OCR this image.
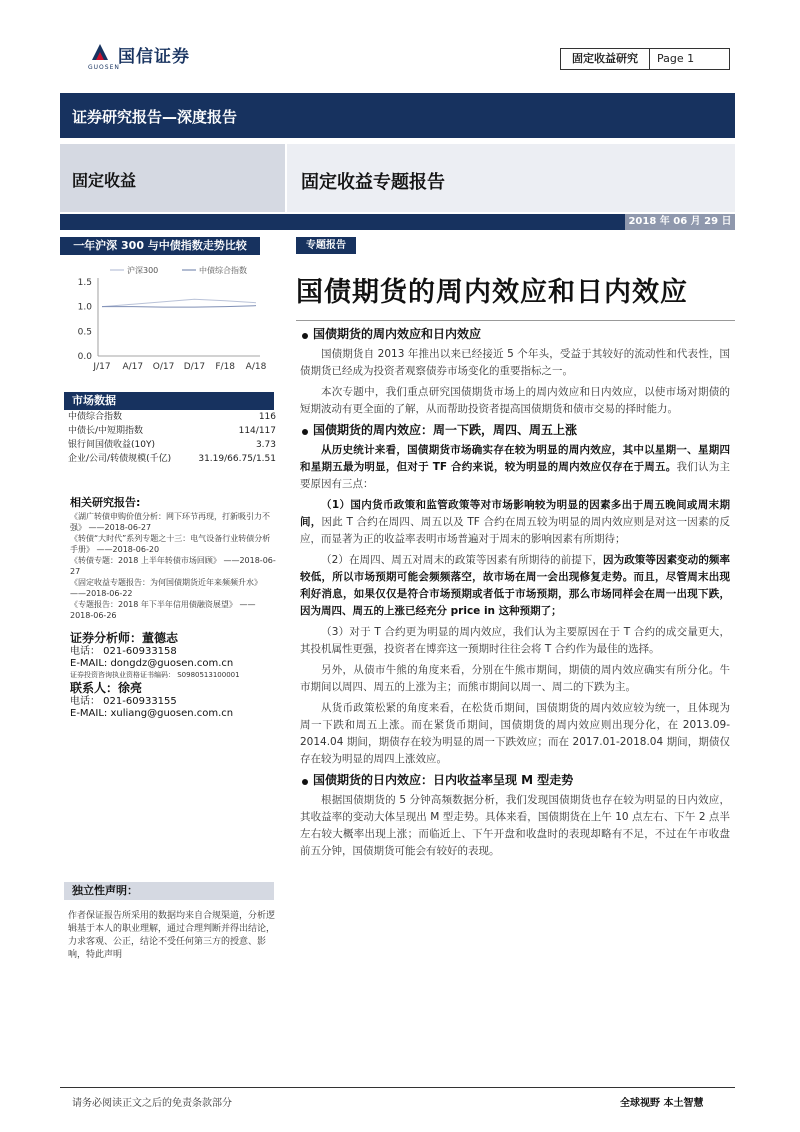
国信证券
GUOSEN
固定收益研究	Page 1
证券研究报告—深度报告
固定收益	固定收益专题报告
2018 年 06 月 29 日
一年沪深 300 与中债指数走势比较
1.5
1.0
0.5
0.0
J/17 A/17 O/17 D/17 F/18 A/18
沪深300	中债综合指数
市场数据
中债综合指数	116
中债长/中短期指数	114/117
银行间国债收益(10Y)	3.73
企业/公司/转债规模(千亿)	31.19/66.75/1.51
相关研究报告:

《湖广转债申购价值分析：网下环节再现，打新吸引力不强》 ——2018-06-27

《转债“大时代”系列专题之十三：电气设备行业转债分析手册》 ——2018-06-20

《转债专题：2018 上半年转债市场回顾》 ——2018-06-27

《固定收益专题报告：为何国债期货近年来频频升水》 ——2018-06-22

《专题报告：2018 年下半年信用债融资展望》 ——2018-06-26

证券分析师：董德志
电话： 021-60933158
E-MAIL: dongdz@guosen.com.cn
证券投资咨询执业资格证书编码： S0980513100001
联系人：徐亮
电话： 021-60933155
E-MAIL: xuliang@guosen.com.cn
独立性声明：
作者保证报告所采用的数据均来自合规渠道，分析逻辑基于本人的职业理解，通过合理判断并得出结论，力求客观、公正，结论不受任何第三方的授意、影响，特此声明
专题报告
国债期货的周内效应和日内效应
国债期货的周内效应和日内效应

国债期货自 2013 年推出以来已经接近 5 个年头，受益于其较好的流动性和代表性，国债期货已经成为投资者观察债券市场变化的重要指标之一。

本次专题中，我们重点研究国债期货市场上的周内效应和日内效应，以使市场对期债的短期波动有更全面的了解，从而帮助投资者提高国债期货和债市交易的择时能力。

国债期货的周内效应：周一下跌，周四、周五上涨

从历史统计来看，国债期货市场确实存在较为明显的周内效应，其中以星期一、星期四和星期五最为明显，但对于 TF 合约来说，较为明显的周内效应仅存在于周五。我们认为主要原因有三点：

（1）国内货币政策和监管政策等对市场影响较为明显的因素多出于周五晚间或周末期间，因此 T 合约在周四、周五以及 TF 合约在周五较为明显的周内效应则是对这一因素的反应，而显著为正的收益率表明市场普遍对于周末的影响因素有所期待；

（2）在周四、周五对周末的政策等因素有所期待的前提下，因为政策等因素变动的频率较低，所以市场预期可能会频频落空，故市场在周一会出现修复走势。而且，尽管周末出现利好消息，如果仅仅是符合市场预期或者低于市场预期，那么市场同样会在周一出现下跌，因为周四、周五的上涨已经充分 price in 这种预期了；

（3）对于 T 合约更为明显的周内效应，我们认为主要原因在于 T 合约的成交量更大，其投机属性更强，投资者在博弈这一预期时往往会将 T 合约作为最佳的选择。

另外，从债市牛熊的角度来看，分别在牛熊市期间，期债的周内效应确实有所分化。牛市期间以周四、周五的上涨为主；而熊市期间以周一、周二的下跌为主。

从货币政策松紧的角度来看，在松货币期间，国债期货的周内效应较为统一，且体现为周一下跌和周五上涨。而在紧货币期间，国债期货的周内效应则出现分化，在 2013.09-2014.04 期间，期债存在较为明显的周一下跌效应；而在 2017.01-2018.04 期间，期债仅存在较为明显的周四上涨效应。

国债期货的日内效应：日内收益率呈现 M 型走势

根据国债期货的 5 分钟高频数据分析，我们发现国债期货也存在较为明显的日内效应，其收益率的变动大体呈现出 M 型走势。具体来看，国债期货在上午 10 点左右、下午 2 点半左右较大概率出现上涨；而临近上、下午开盘和收盘时的表现却略有不足，不过在午市收盘前五分钟，国债期货可能会有较好的表现。

请务必阅读正文之后的免责条款部分	全球视野 本土智慧
